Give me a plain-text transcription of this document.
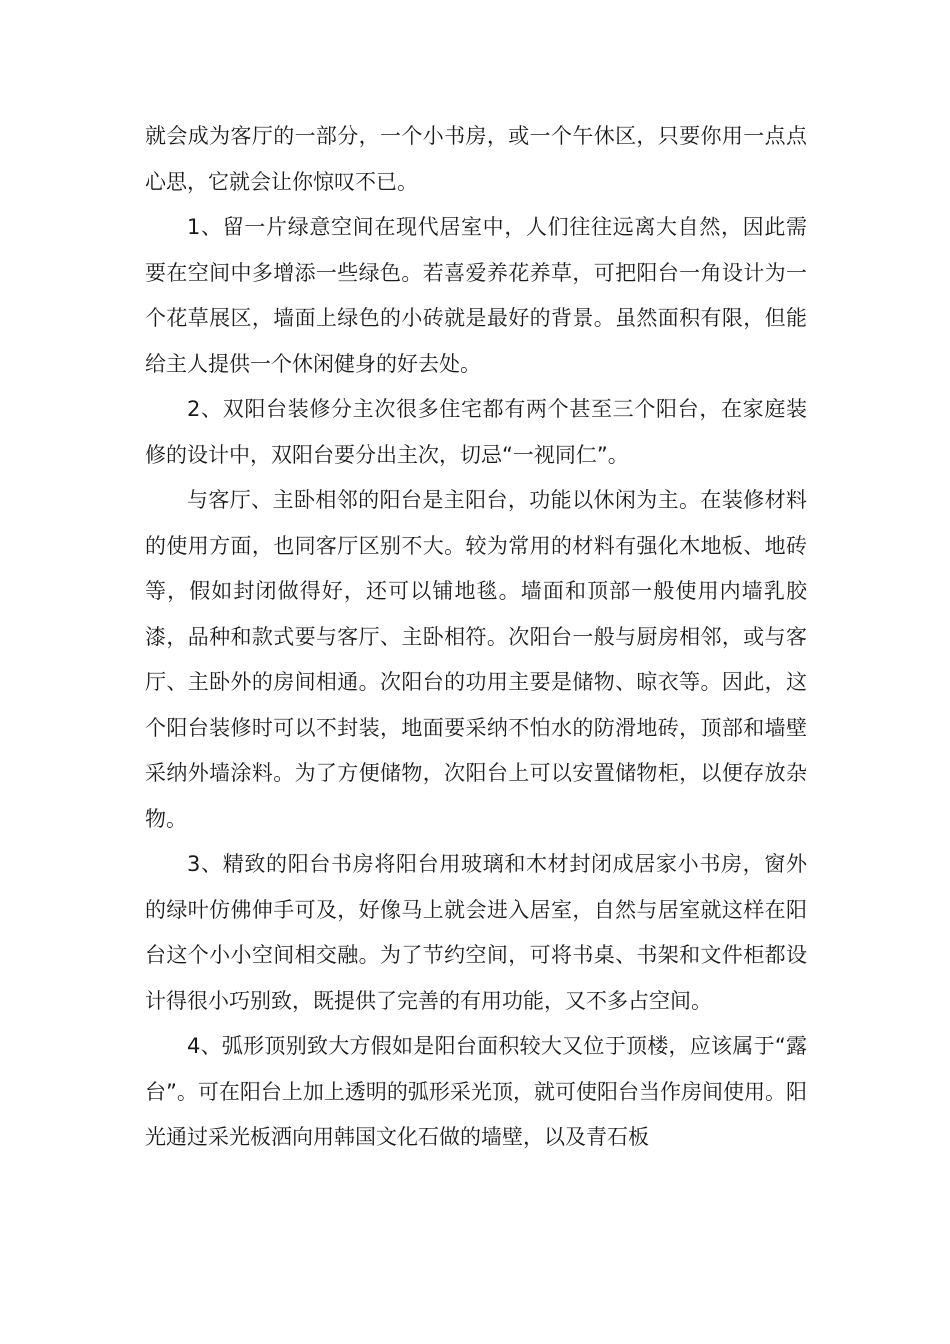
就会成为客厅的一部分，一个小书房，或一个午休区，只要你用一点点心思，它就会让你惊叹不已。

1、留一片绿意空间在现代居室中，人们往往远离大自然，因此需要在空间中多增添一些绿色。若喜爱养花养草，可把阳台一角设计为一个花草展区，墙面上绿色的小砖就是最好的背景。虽然面积有限，但能给主人提供一个休闲健身的好去处。

2、双阳台装修分主次很多住宅都有两个甚至三个阳台，在家庭装修的设计中，双阳台要分出主次，切忌“一视同仁”。

与客厅、主卧相邻的阳台是主阳台，功能以休闲为主。在装修材料的使用方面，也同客厅区别不大。较为常用的材料有强化木地板、地砖等，假如封闭做得好，还可以铺地毯。墙面和顶部一般使用内墙乳胶漆，品种和款式要与客厅、主卧相符。次阳台一般与厨房相邻，或与客厅、主卧外的房间相通。次阳台的功用主要是储物、晾衣等。因此，这个阳台装修时可以不封装，地面要采纳不怕水的防滑地砖，顶部和墙壁采纳外墙涂料。为了方便储物，次阳台上可以安置储物柜，以便存放杂物。

3、精致的阳台书房将阳台用玻璃和木材封闭成居家小书房，窗外的绿叶仿佛伸手可及，好像马上就会进入居室，自然与居室就这样在阳台这个小小空间相交融。为了节约空间，可将书桌、书架和文件柜都设计得很小巧别致，既提供了完善的有用功能，又不多占空间。

4、弧形顶别致大方假如是阳台面积较大又位于顶楼，应该属于“露台”。可在阳台上加上透明的弧形采光顶，就可使阳台当作房间使用。阳光通过采光板洒向用韩国文化石做的墙壁，以及青石板
